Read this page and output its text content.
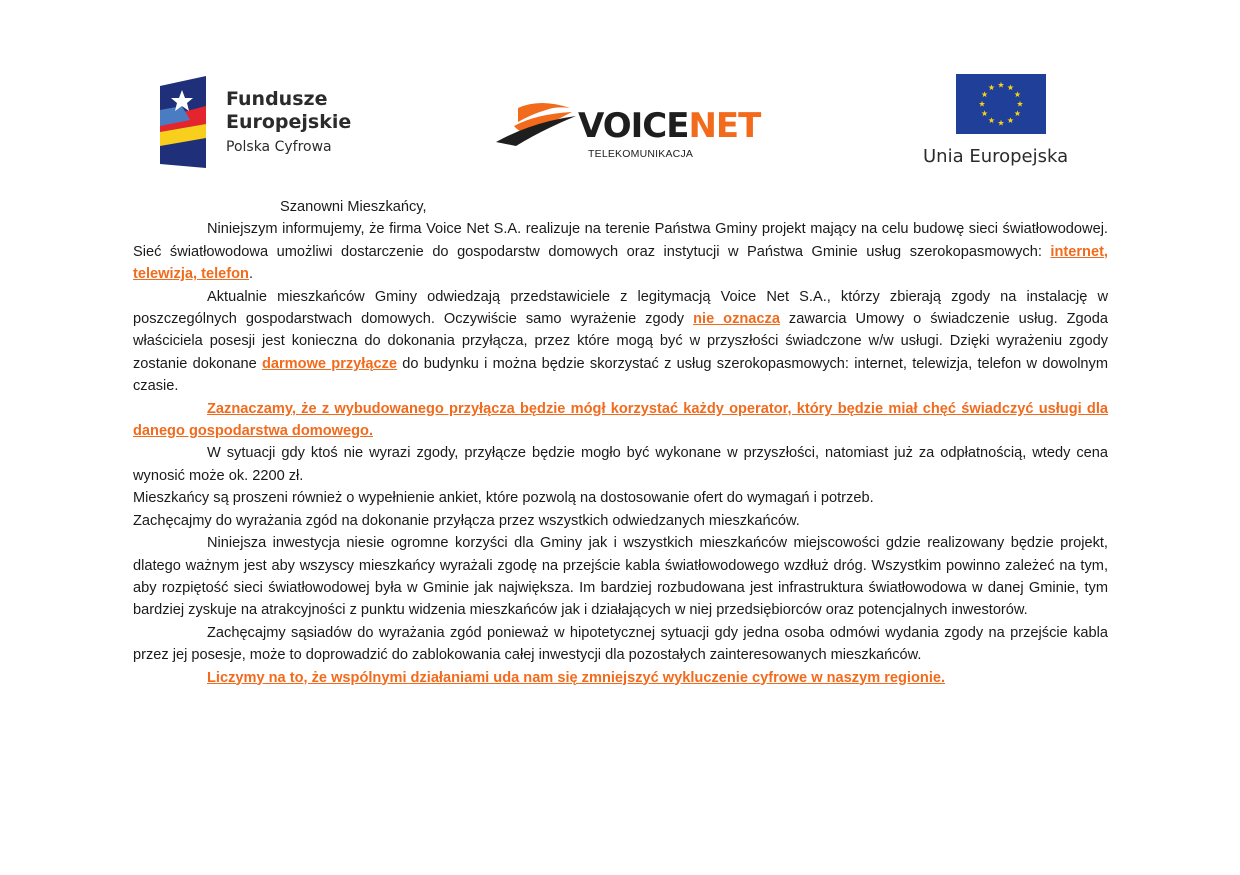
Fundusze
Europejskie
Polska Cyfrowa
VOICENET
TELEKOMUNIKACJA	Unia Europejska

Szanowni Mieszkańcy,

Niniejszym informujemy, że firma Voice Net S.A. realizuje na terenie Państwa Gminy projekt mający na celu budowę sieci światłowodowej. Sieć światłowodowa umożliwi dostarczenie do gospodarstw domowych oraz instytucji w Państwa Gminie usług szerokopasmowych: internet, telewizja, telefon.

Aktualnie mieszkańców Gminy odwiedzają przedstawiciele z legitymacją Voice Net S.A., którzy zbierają zgody na instalację w poszczególnych gospodarstwach domowych. Oczywiście samo wyrażenie zgody nie oznacza zawarcia Umowy o świadczenie usług. Zgoda właściciela posesji jest konieczna do dokonania przyłącza, przez które mogą być w przyszłości świadczone w/w usługi. Dzięki wyrażeniu zgody zostanie dokonane darmowe przyłącze do budynku i można będzie skorzystać z usług szerokopasmowych: internet, telewizja, telefon w dowolnym czasie.

Zaznaczamy, że z wybudowanego przyłącza będzie mógł korzystać każdy operator, który będzie miał chęć świadczyć usługi dla danego gospodarstwa domowego.

W sytuacji gdy ktoś nie wyrazi zgody, przyłącze będzie mogło być wykonane w przyszłości, natomiast już za odpłatnością, wtedy cena wynosić może ok. 2200 zł.

Mieszkańcy są proszeni również o wypełnienie ankiet, które pozwolą na dostosowanie ofert do wymagań i potrzeb.

Zachęcajmy do wyrażania zgód na dokonanie przyłącza przez wszystkich odwiedzanych mieszkańców.

Niniejsza inwestycja niesie ogromne korzyści dla Gminy jak i wszystkich mieszkańców miejscowości gdzie realizowany będzie projekt, dlatego ważnym jest aby wszyscy mieszkańcy wyrażali zgodę na przejście kabla światłowodowego wzdłuż dróg. Wszystkim powinno zależeć na tym, aby rozpiętość sieci światłowodowej była w Gminie jak największa. Im bardziej rozbudowana jest infrastruktura światłowodowa w danej Gminie, tym bardziej zyskuje na atrakcyjności z punktu widzenia mieszkańców jak i działających w niej przedsiębiorców oraz potencjalnych inwestorów.

Zachęcajmy sąsiadów do wyrażania zgód ponieważ w hipotetycznej sytuacji gdy jedna osoba odmówi wydania zgody na przejście kabla przez jej posesje, może to doprowadzić do zablokowania całej inwestycji dla pozostałych zainteresowanych mieszkańców.

Liczymy na to, że wspólnymi działaniami uda nam się zmniejszyć wykluczenie cyfrowe w naszym regionie.
